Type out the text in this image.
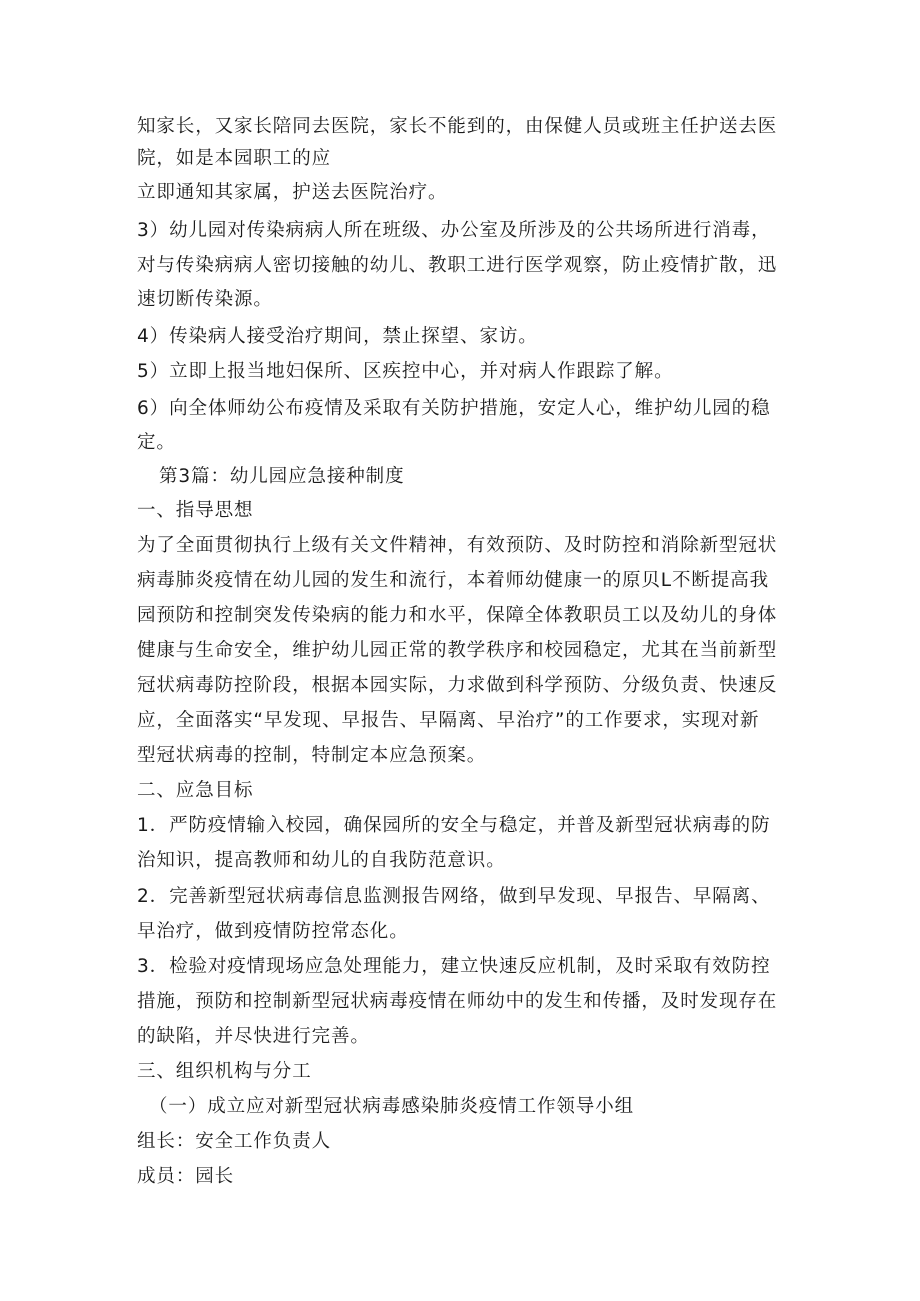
知家长，又家长陪同去医院，家长不能到的，由保健人员或班主任护送去医
院，如是本园职工的应
立即通知其家属，护送去医院治疗。
3）幼儿园对传染病病人所在班级、办公室及所涉及的公共场所进行消毒，
对与传染病病人密切接触的幼儿、教职工进行医学观察，防止疫情扩散，迅
速切断传染源。
4）传染病人接受治疗期间，禁止探望、家访。
5）立即上报当地妇保所、区疾控中心，并对病人作跟踪了解。
6）向全体师幼公布疫情及采取有关防护措施，安定人心，维护幼儿园的稳
定。
第3篇：幼儿园应急接种制度
一、指导思想
为了全面贯彻执行上级有关文件精神，有效预防、及时防控和消除新型冠状
病毒肺炎疫情在幼儿园的发生和流行，本着师幼健康一的原贝L不断提高我
园预防和控制突发传染病的能力和水平，保障全体教职员工以及幼儿的身体
健康与生命安全，维护幼儿园正常的教学秩序和校园稳定，尤其在当前新型
冠状病毒防控阶段，根据本园实际，力求做到科学预防、分级负责、快速反
应，全面落实“早发现、早报告、早隔离、早治疗”的工作要求，实现对新
型冠状病毒的控制，特制定本应急预案。
二、应急目标
1．严防疫情输入校园，确保园所的安全与稳定，并普及新型冠状病毒的防
治知识，提高教师和幼儿的自我防范意识。
2．完善新型冠状病毒信息监测报告网络，做到早发现、早报告、早隔离、
早治疗，做到疫情防控常态化。
3．检验对疫情现场应急处理能力，建立快速反应机制，及时采取有效防控
措施，预防和控制新型冠状病毒疫情在师幼中的发生和传播，及时发现存在
的缺陷，并尽快进行完善。
三、组织机构与分工
（一）成立应对新型冠状病毒感染肺炎疫情工作领导小组
组长：安全工作负责人
成员：园长
